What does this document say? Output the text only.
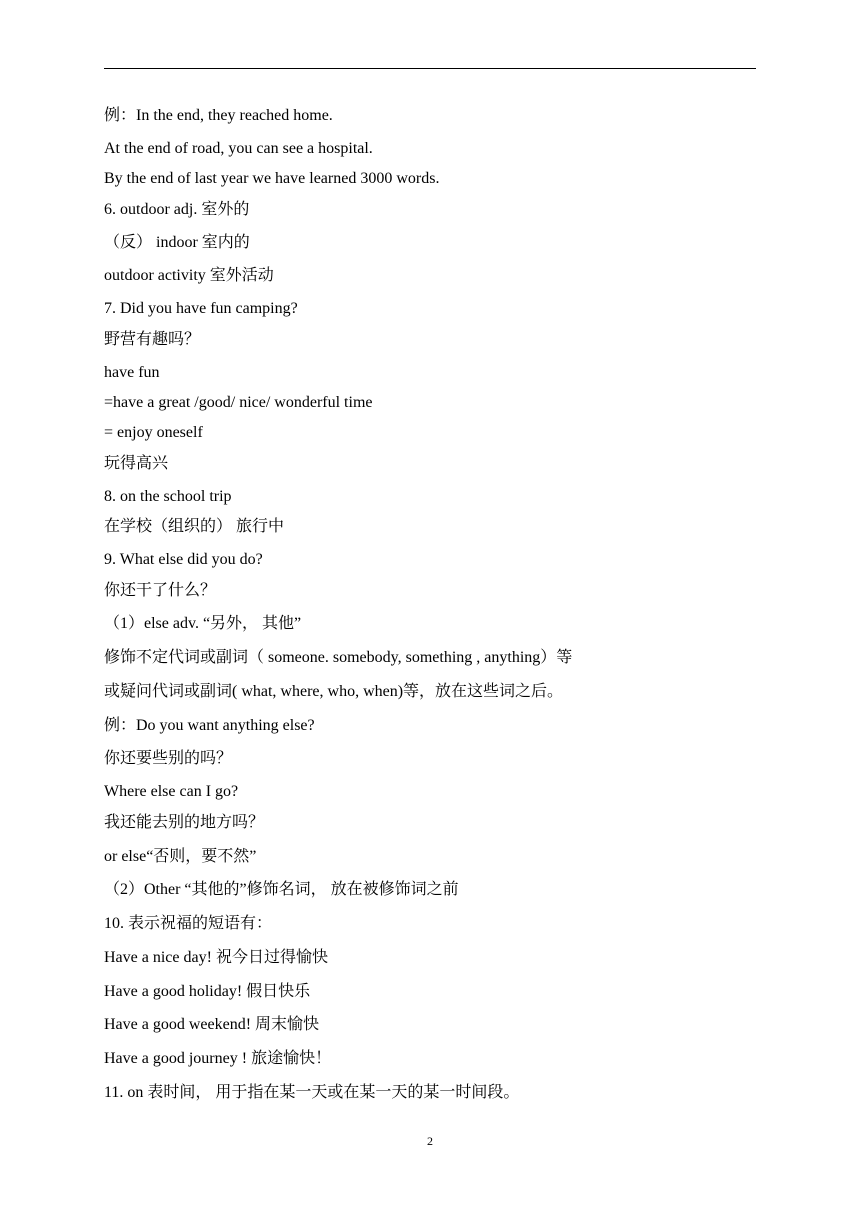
例：In the end, they reached home.
At the end of road, you can see a hospital.
By the end of last year we have learned 3000 words.
6. outdoor adj. 室外的
（反） indoor 室内的
outdoor activity 室外活动
7. Did you have fun camping?
野营有趣吗？
have fun
=have a great /good/ nice/ wonderful time
= enjoy oneself
玩得高兴
8. on the school trip
在学校（组织的） 旅行中
9. What else did you do?
你还干了什么？
（1）else adv. “另外， 其他”
修饰不定代词或副词（ someone. somebody, something , anything）等
或疑问代词或副词( what, where, who, when)等，放在这些词之后。
例：Do you want anything else?
你还要些别的吗？
Where else can I go?
我还能去别的地方吗？
or else“否则，要不然”
（2）Other “其他的”修饰名词， 放在被修饰词之前
10. 表示祝福的短语有：
Have a nice day! 祝今日过得愉快
Have a good holiday! 假日快乐
Have a good weekend! 周末愉快
Have a good journey ! 旅途愉快！
11. on 表时间， 用于指在某一天或在某一天的某一时间段。
2
